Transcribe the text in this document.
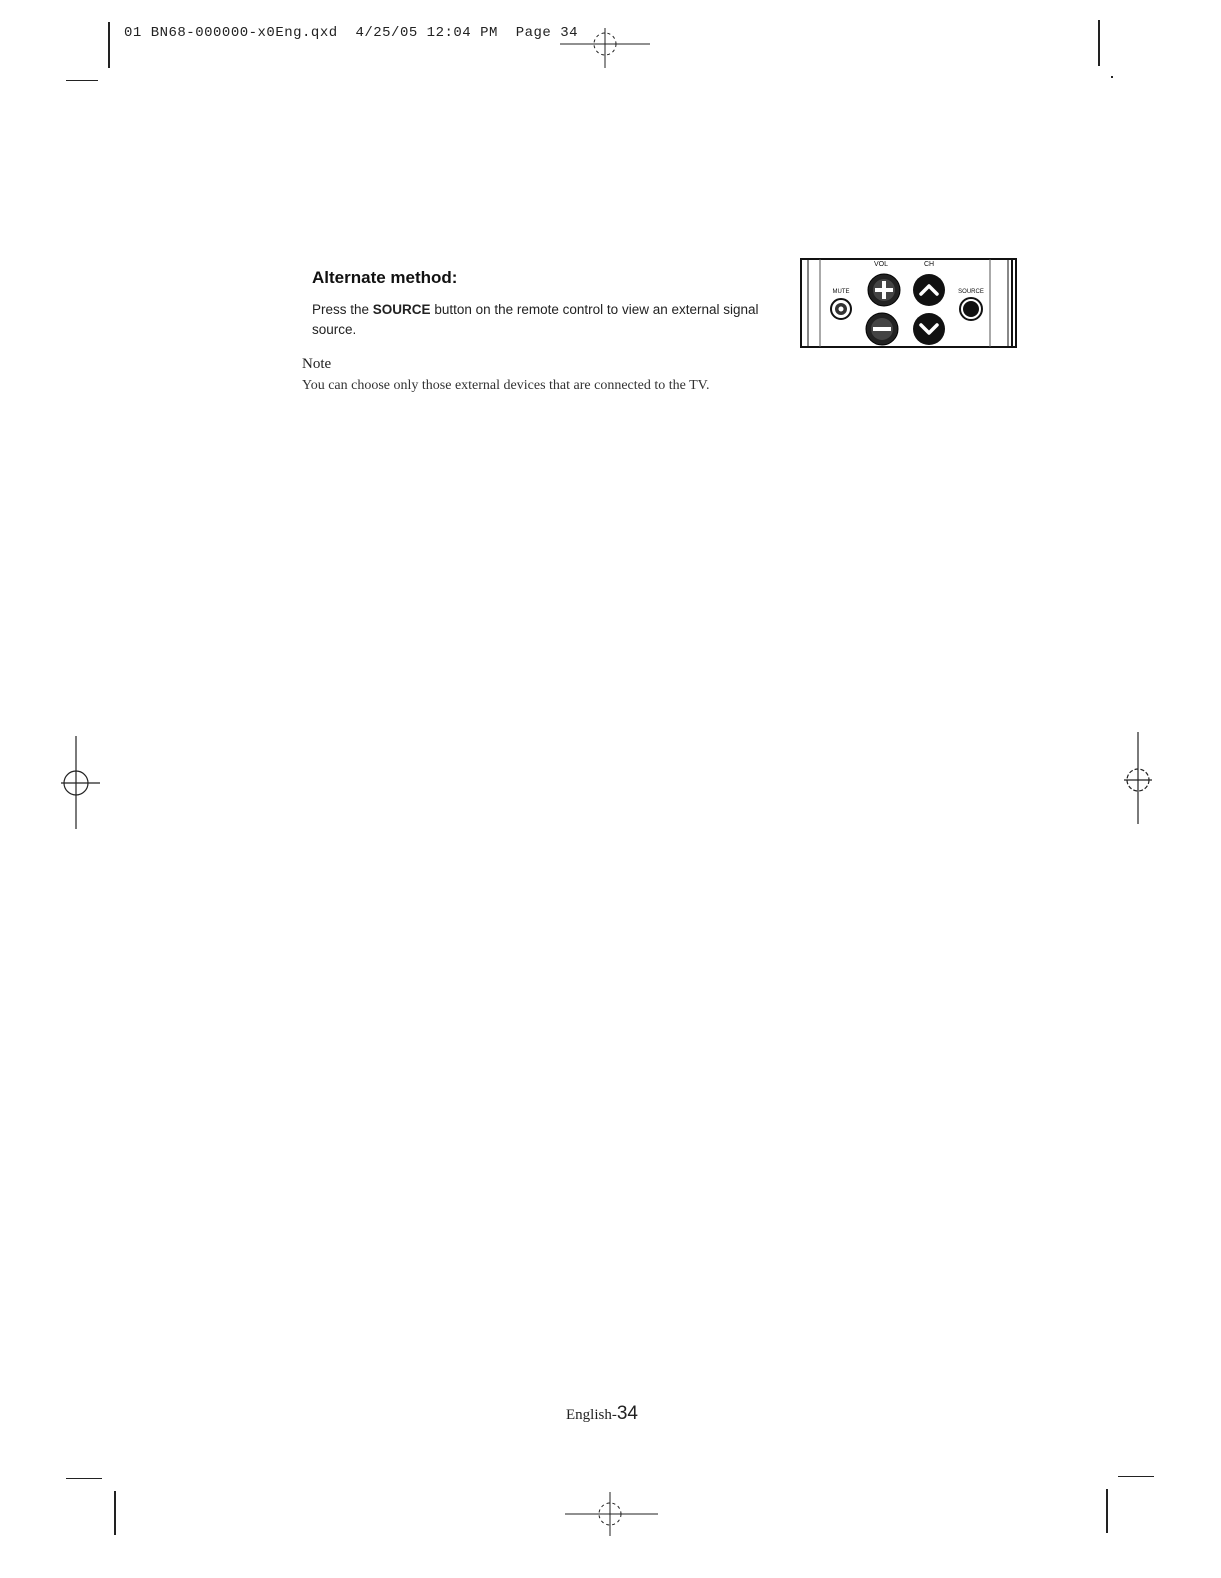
01 BN68-000000-x0Eng.qxd 4/25/05 12:04 PM Page 34
Alternate method:
Press the SOURCE button on the remote control to view an external signal source.
VOL	CH
MUTE	SOURCE
Note
You can choose only those external devices that are connected to the TV.
English-34
